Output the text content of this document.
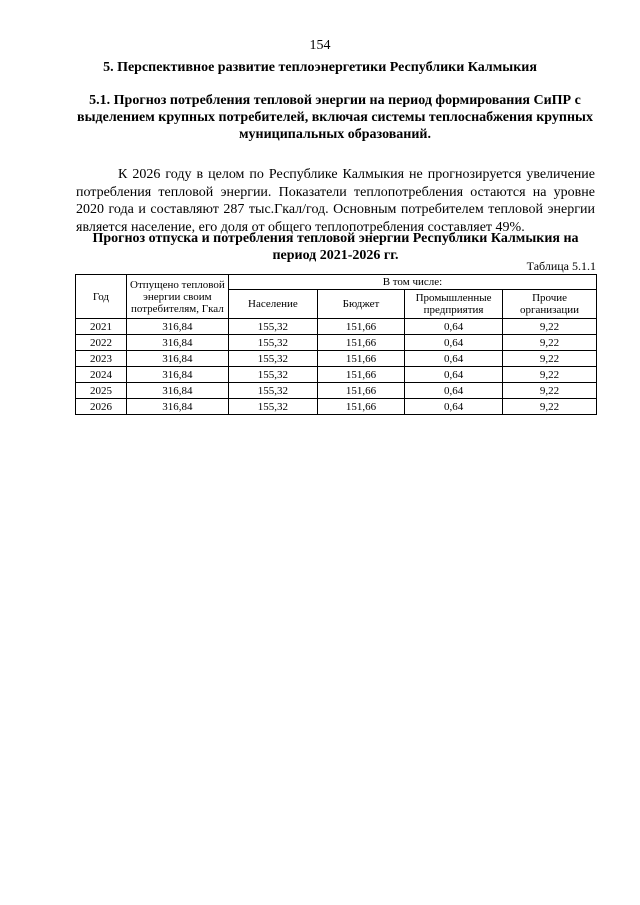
154
5. Перспективное развитие теплоэнергетики Республики Калмыкия
5.1. Прогноз потребления тепловой энергии на период формирования СиПР с выделением крупных потребителей, включая системы теплоснабжения крупных муниципальных образований.

К 2026 году в целом по Республике Калмыкия не прогнозируется увеличение потребления тепловой энергии. Показатели теплопотребления остаются на уровне 2020 года и составляют 287 тыс.Гкал/год. Основным потребителем тепловой энергии является население, его доля от общего теплопотребления составляет 49%.

Прогноз отпуска и потребления тепловой энергии Республики Калмыкия на период 2021-2026 гг.
Таблица 5.1.1
Год	Отпущено тепловой энергии своим потребителям, Гкал	В том числе:			
		Население	Бюджет	Промышленные предприятия	Прочие организации
2021	316,84	155,32	151,66	0,64	9,22
2022	316,84	155,32	151,66	0,64	9,22
2023	316,84	155,32	151,66	0,64	9,22
2024	316,84	155,32	151,66	0,64	9,22
2025	316,84	155,32	151,66	0,64	9,22
2026	316,84	155,32	151,66	0,64	9,22
